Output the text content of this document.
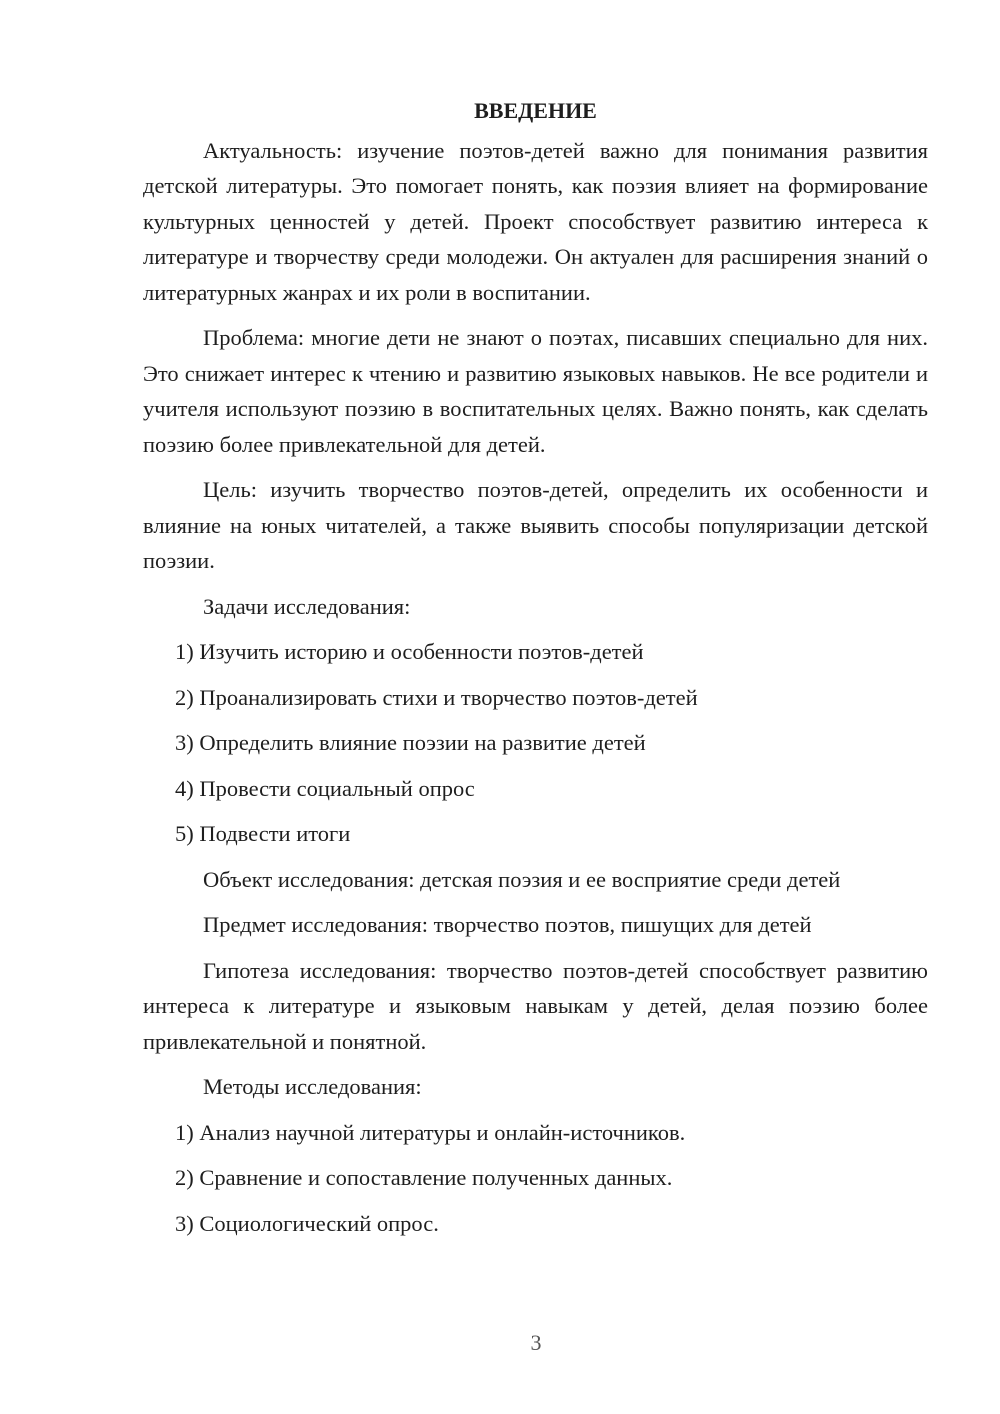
ВВЕДЕНИЕ

Актуальность: изучение поэтов-детей важно для понимания развития детской литературы. Это помогает понять, как поэзия влияет на формирование культурных ценностей у детей. Проект способствует развитию интереса к литературе и творчеству среди молодежи. Он актуален для расширения знаний о литературных жанрах и их роли в воспитании.

Проблема: многие дети не знают о поэтах, писавших специально для них. Это снижает интерес к чтению и развитию языковых навыков. Не все родители и учителя используют поэзию в воспитательных целях. Важно понять, как сделать поэзию более привлекательной для детей.

Цель: изучить творчество поэтов-детей, определить их особенности и влияние на юных читателей, а также выявить способы популяризации детской поэзии.

Задачи исследования:

1) Изучить историю и особенности поэтов-детей

2) Проанализировать стихи и творчество поэтов-детей

3) Определить влияние поэзии на развитие детей

4) Провести социальный опрос

5) Подвести итоги

Объект исследования: детская поэзия и ее восприятие среди детей

Предмет исследования: творчество поэтов, пишущих для детей

Гипотеза исследования: творчество поэтов-детей способствует развитию интереса к литературе и языковым навыкам у детей, делая поэзию более привлекательной и понятной.

Методы исследования:

1) Анализ научной литературы и онлайн-источников.

2) Сравнение и сопоставление полученных данных.

3) Социологический опрос.

3
